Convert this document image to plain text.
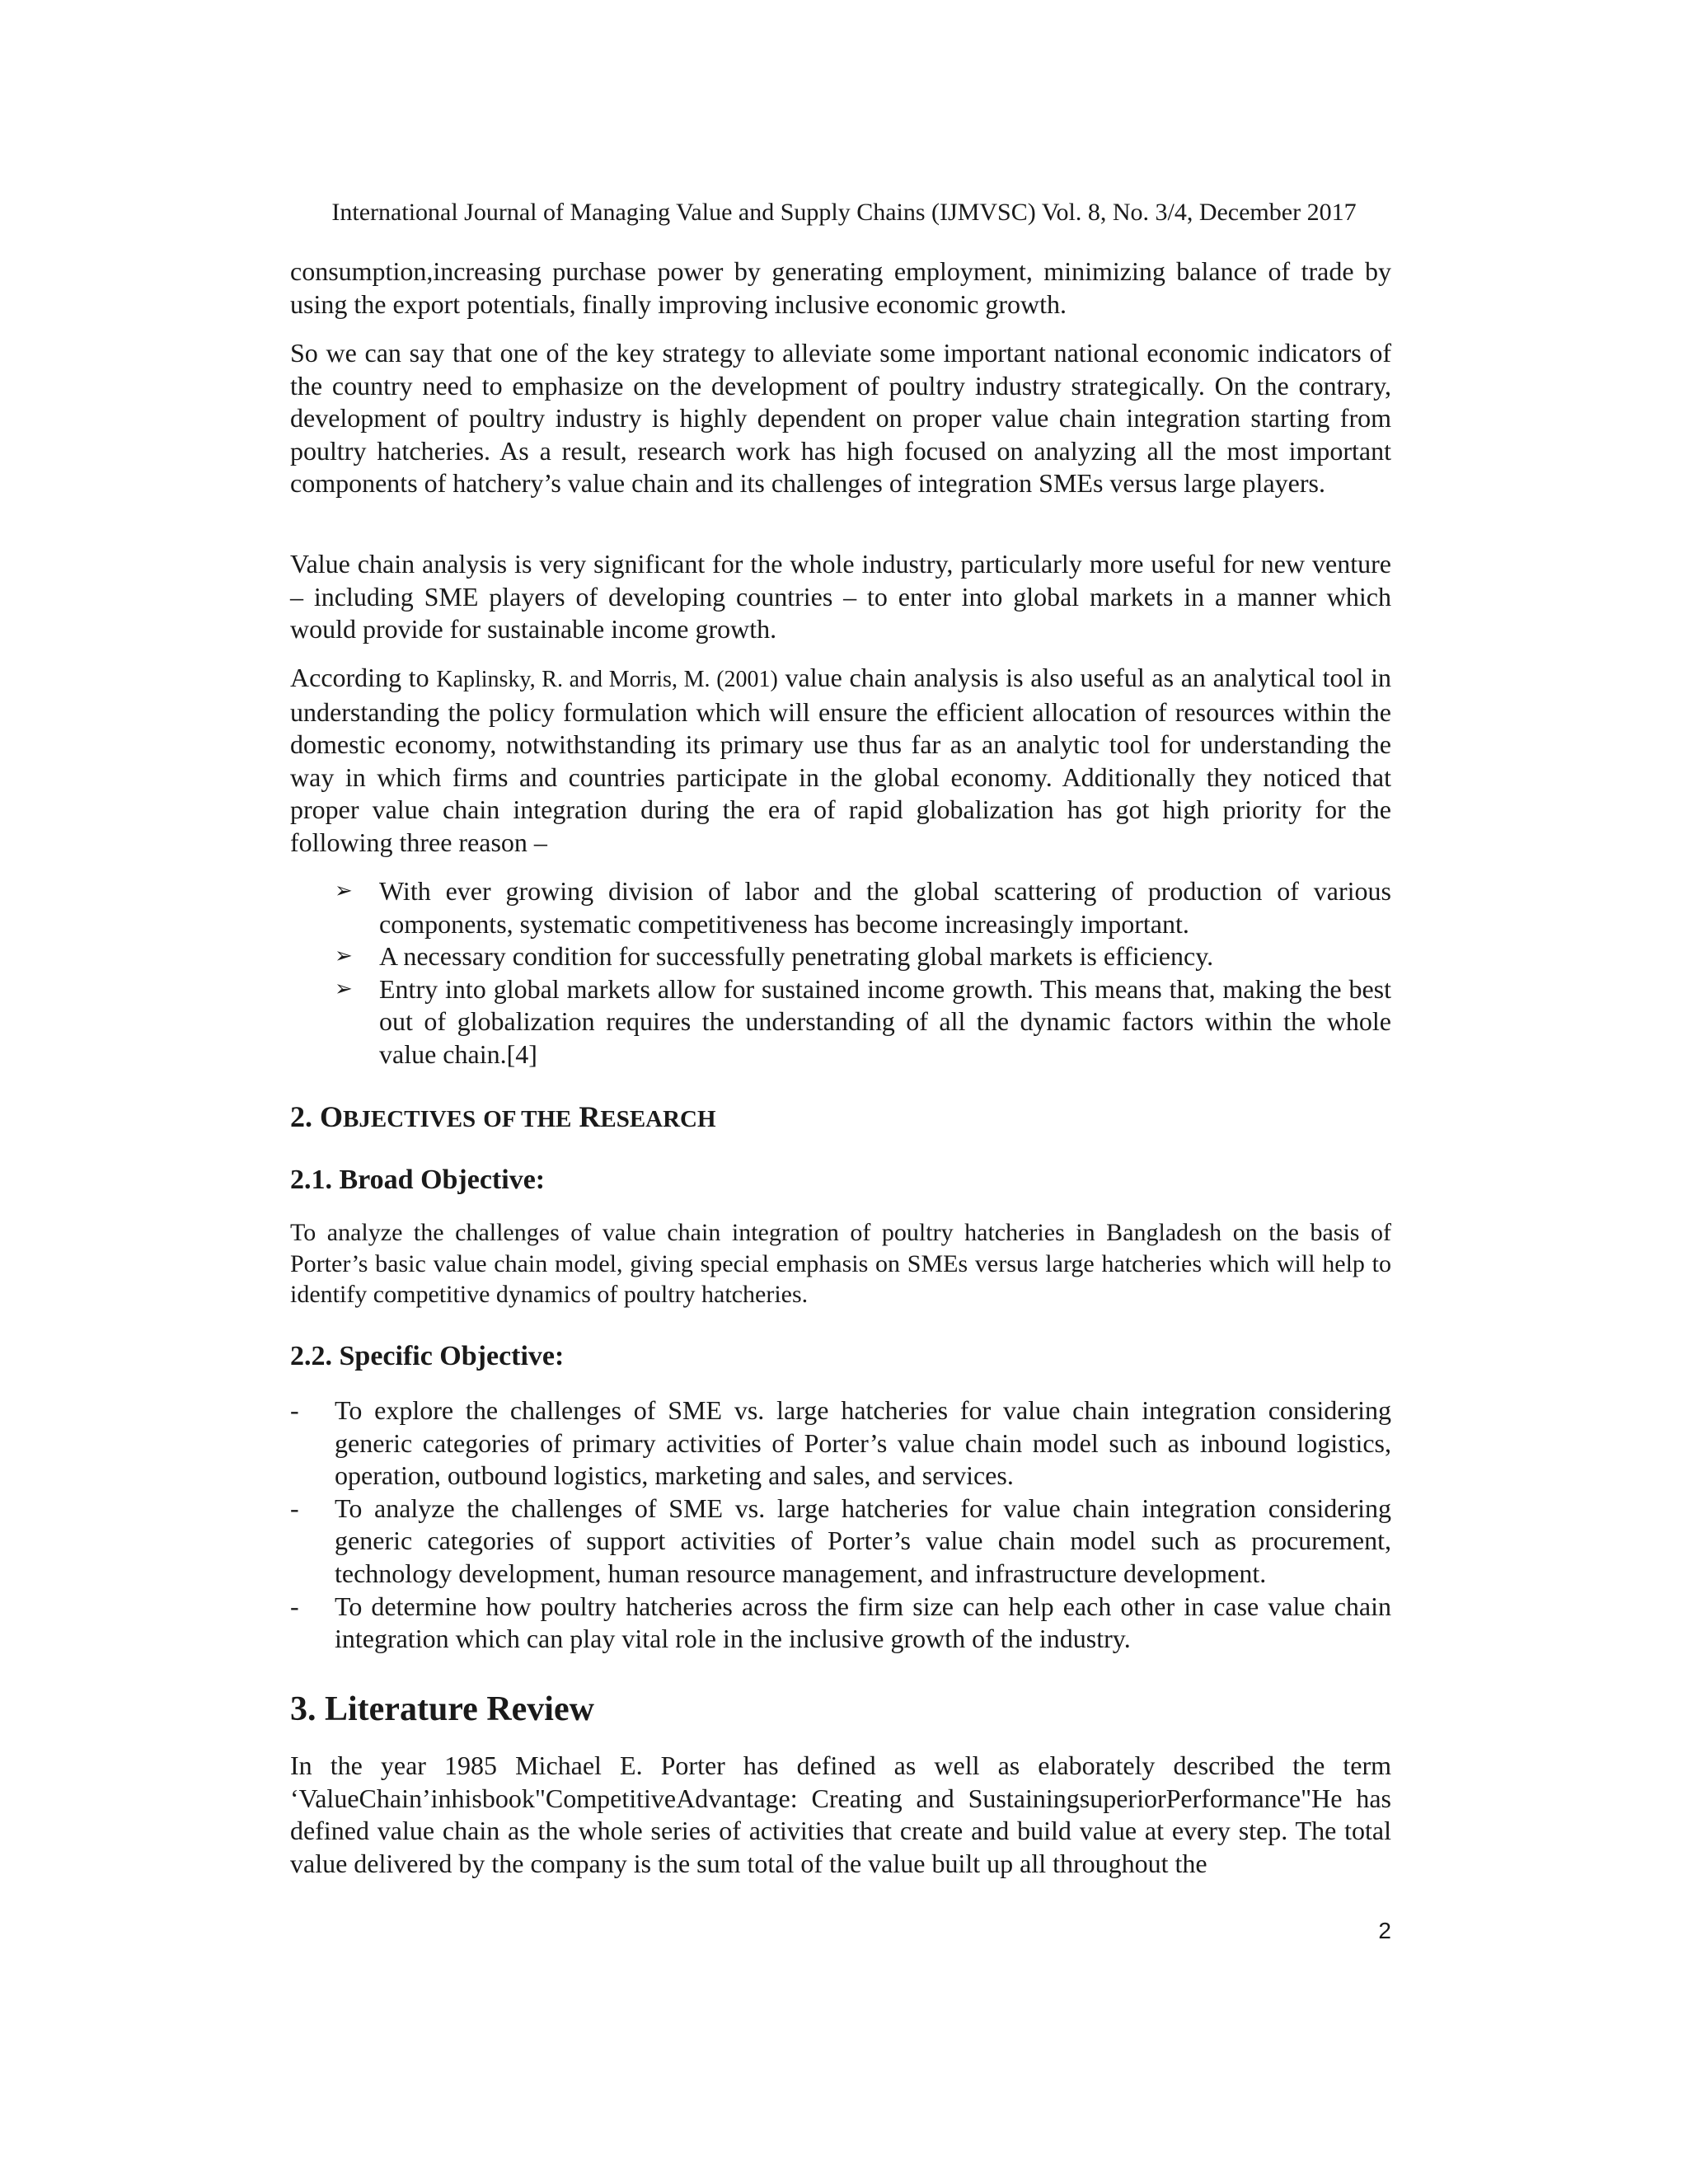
International Journal of Managing Value and Supply Chains (IJMVSC) Vol. 8, No. 3/4, December 2017

consumption,increasing purchase power by generating employment, minimizing balance of trade by using the export potentials, finally improving inclusive economic growth.

So we can say that one of the key strategy to alleviate some important national economic indicators of the country need to emphasize on the development of poultry industry strategically. On the contrary, development of poultry industry is highly dependent on proper value chain integration starting from poultry hatcheries. As a result, research work has high focused on analyzing all the most important components of hatchery’s value chain and its challenges of integration SMEs versus large players.

Value chain analysis is very significant for the whole industry, particularly more useful for new venture – including SME players of developing countries – to enter into global markets in a manner which would provide for sustainable income growth.

According to Kaplinsky, R. and Morris, M. (2001) value chain analysis is also useful as an analytical tool in understanding the policy formulation which will ensure the efficient allocation of resources within the domestic economy, notwithstanding its primary use thus far as an analytic tool for understanding the way in which firms and countries participate in the global economy. Additionally they noticed that proper value chain integration during the era of rapid globalization has got high priority for the following three reason –

➢ With ever growing division of labor and the global scattering of production of various components, systematic competitiveness has become increasingly important.
➢ A necessary condition for successfully penetrating global markets is efficiency.
➢ Entry into global markets allow for sustained income growth. This means that, making the best out of globalization requires the understanding of all the dynamic factors within the whole value chain.[4]
2. OBJECTIVES OF THE RESEARCH
2.1. Broad Objective:

To analyze the challenges of value chain integration of poultry hatcheries in Bangladesh on the basis of Porter’s basic value chain model, giving special emphasis on SMEs versus large hatcheries which will help to identify competitive dynamics of poultry hatcheries.

2.2. Specific Objective:
- To explore the challenges of SME vs. large hatcheries for value chain integration considering generic categories of primary activities of Porter’s value chain model such as inbound logistics, operation, outbound logistics, marketing and sales, and services.
- To analyze the challenges of SME vs. large hatcheries for value chain integration considering generic categories of support activities of Porter’s value chain model such as procurement, technology development, human resource management, and infrastructure development.
- To determine how poultry hatcheries across the firm size can help each other in case value chain integration which can play vital role in the inclusive growth of the industry.
3. Literature Review

In the year 1985 Michael E. Porter has defined as well as elaborately described the term ‘ValueChain’inhisbook"CompetitiveAdvantage: Creating and SustainingsuperiorPerformance"He has defined value chain as the whole series of activities that create and build value at every step. The total value delivered by the company is the sum total of the value built up all throughout the

2
